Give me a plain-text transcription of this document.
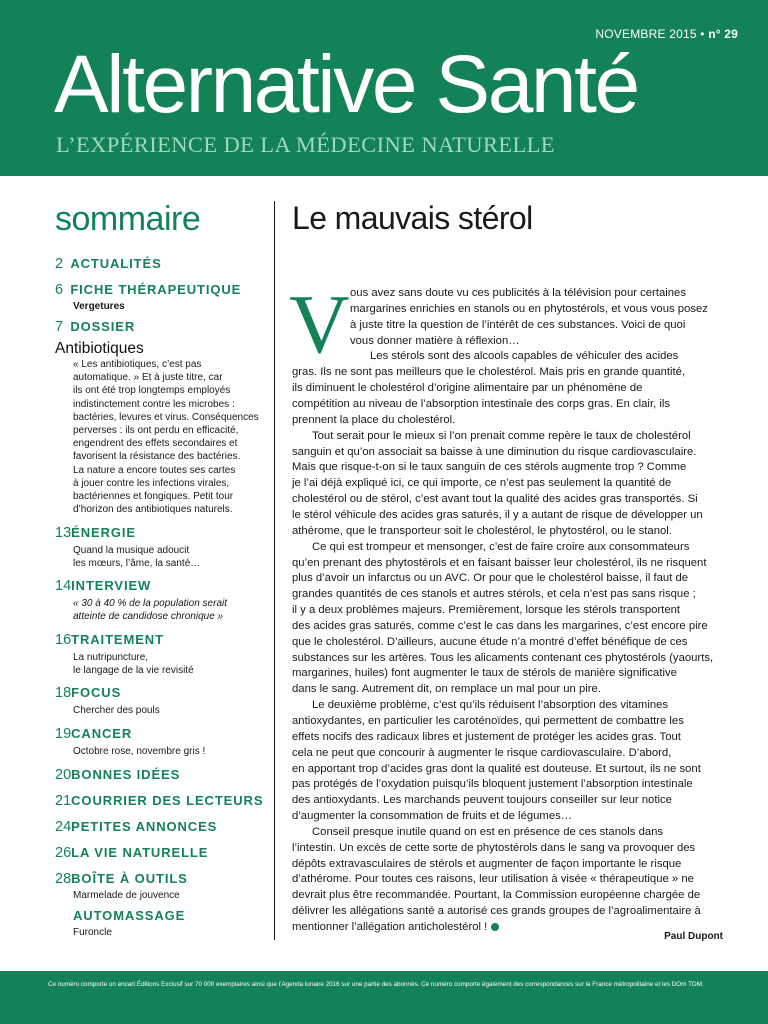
NOVEMBRE 2015 • n° 29
Alternative Santé
L’EXPÉRIENCE DE LA MÉDECINE NATURELLE
sommaire
2 ACTUALITÉS
6 FICHE THÉRAPEUTIQUE
Vergetures
7 DOSSIER
Antibiotiques
« Les antibiotiques, c’est pas
automatique. » Et à juste titre, car
ils ont été trop longtemps employés
indistinctement contre les microbes :
bactéries, levures et virus. Conséquences
perverses : ils ont perdu en efficacité,
engendrent des effets secondaires et
favorisent la résistance des bactéries.
La nature a encore toutes ses cartes
à jouer contre les infections virales,
bactériennes et fongiques. Petit tour
d’horizon des antibiotiques naturels.
13ÉNERGIE
Quand la musique adoucit
les mœurs, l’âme, la santé…
14INTERVIEW
« 30 à 40 % de la population serait
atteinte de candidose chronique »
16TRAITEMENT
La nutripuncture,
le langage de la vie revisité
18FOCUS
Chercher des pouls
19CANCER
Octobre rose, novembre gris !
20BONNES IDÉES
21COURRIER DES LECTEURS
24PETITES ANNONCES
26LA VIE NATURELLE
28BOÎTE À OUTILS
Marmelade de jouvence
AUTOMASSAGE
Furoncle
Le mauvais stérol
V ous avez sans doute vu ces publicités à la télévision pour certaines
margarines enrichies en stanols ou en phytostérols, et vous vous posez
à juste titre la question de l’intérêt de ces substances. Voici de quoi
vous donner matière à réflexion…
Les stérols sont des alcools capables de véhiculer des acides
gras. Ils ne sont pas meilleurs que le cholestérol. Mais pris en grande quantité,
ils diminuent le cholestérol d’origine alimentaire par un phénomène de
compétition au niveau de l’absorption intestinale des corps gras. En clair, ils
prennent la place du cholestérol.
Tout serait pour le mieux si l’on prenait comme repère le taux de cholestérol
sanguin et qu’on associait sa baisse à une diminution du risque cardiovasculaire.
Mais que risque-t-on si le taux sanguin de ces stérols augmente trop ? Comme
je l’ai déjà expliqué ici, ce qui importe, ce n’est pas seulement la quantité de
cholestérol ou de stérol, c’est avant tout la qualité des acides gras transportés. Si
le stérol véhicule des acides gras saturés, il y a autant de risque de développer un
athérome, que le transporteur soit le cholestérol, le phytostérol, ou le stanol.
Ce qui est trompeur et mensonger, c’est de faire croire aux consommateurs
qu’en prenant des phytostérols et en faisant baisser leur cholestérol, ils ne risquent
plus d’avoir un infarctus ou un AVC. Or pour que le cholestérol baisse, il faut de
grandes quantités de ces stanols et autres stérols, et cela n’est pas sans risque ;
il y a deux problèmes majeurs. Premièrement, lorsque les stérols transportent
des acides gras saturés, comme c’est le cas dans les margarines, c’est encore pire
que le cholestérol. D’ailleurs, aucune étude n’a montré d’effet bénéfique de ces
substances sur les artères. Tous les alicaments contenant ces phytostérols (yaourts,
margarines, huiles) font augmenter le taux de stérols de manière significative
dans le sang. Autrement dit, on remplace un mal pour un pire.
Le deuxième problème, c’est qu’ils réduisent l’absorption des vitamines
antioxydantes, en particulier les caroténoïdes, qui permettent de combattre les
effets nocifs des radicaux libres et justement de protéger les acides gras. Tout
cela ne peut que concourir à augmenter le risque cardiovasculaire. D’abord,
en apportant trop d’acides gras dont la qualité est douteuse. Et surtout, ils ne sont
pas protégés de l’oxydation puisqu’ils bloquent justement l’absorption intestinale
des antioxydants. Les marchands peuvent toujours conseiller sur leur notice
d’augmenter la consommation de fruits et de légumes…
Conseil presque inutile quand on est en présence de ces stanols dans
l’intestin. Un excès de cette sorte de phytostérols dans le sang va provoquer des
dépôts extravasculaires de stérols et augmenter de façon importante le risque
d’athérome. Pour toutes ces raisons, leur utilisation à visée « thérapeutique » ne
devrait plus être recommandée. Pourtant, la Commission européenne chargée de
délivrer les allégations santé a autorisé ces grands groupes de l’agroalimentaire à
mentionner l’allégation anticholestérol !
Paul Dupont
Ce numéro comporte un encart Éditions Exclusif sur 70 000 exemplaires ainsi que l’Agenda lunaire 2016 sur une partie des abonnés. Ce numéro comporte également des correspondances sur la France métropolitaine et les DOm TOM.
